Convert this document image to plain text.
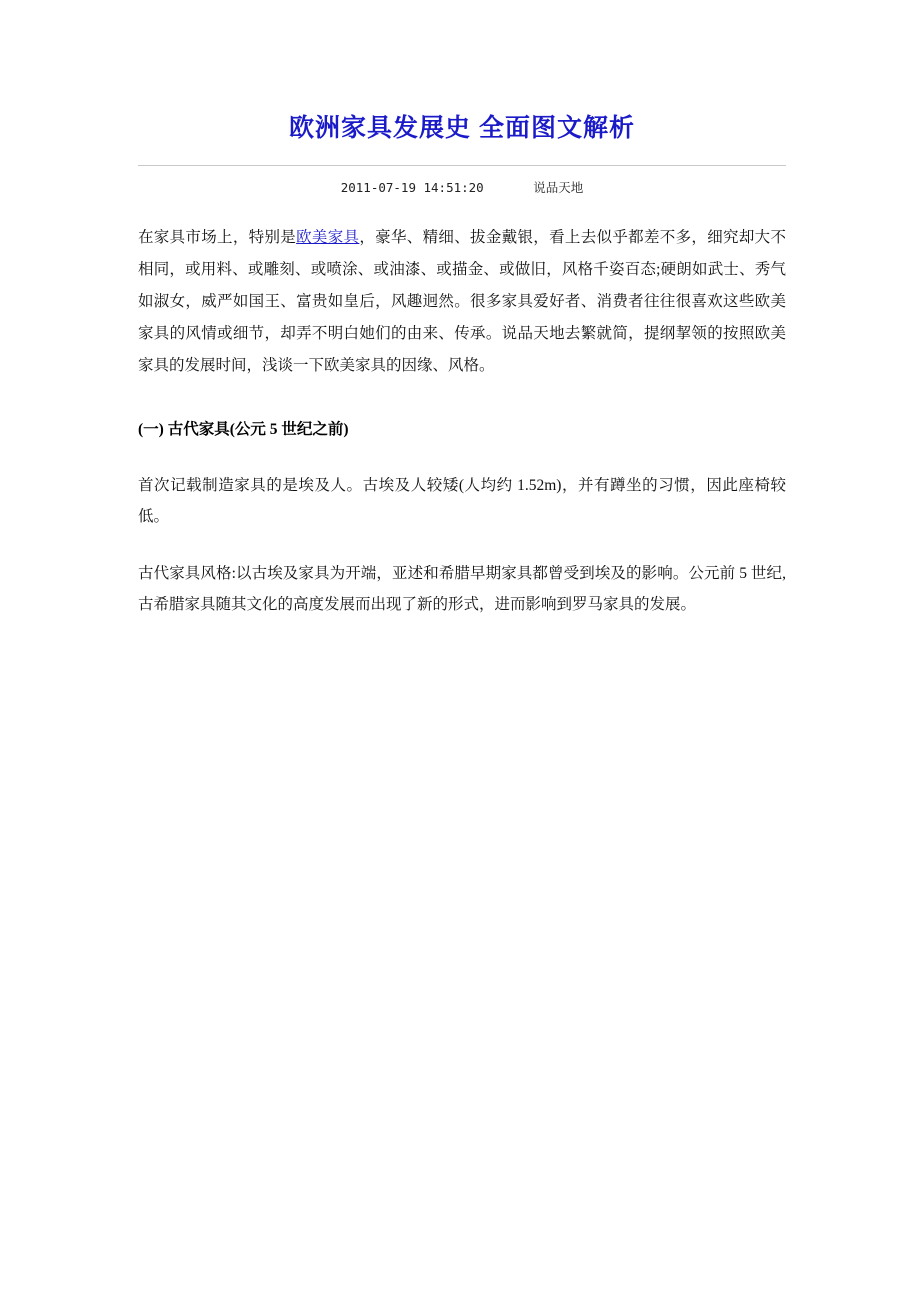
欧洲家具发展史 全面图文解析
2011-07-19 14:51:20	说品天地

在家具市场上，特别是欧美家具，豪华、精细、拔金戴银，看上去似乎都差不多，细究却大不相同，或用料、或雕刻、或喷涂、或油漆、或描金、或做旧，风格千姿百态;硬朗如武士、秀气如淑女，威严如国王、富贵如皇后，风趣迥然。很多家具爱好者、消费者往往很喜欢这些欧美家具的风情或细节，却弄不明白她们的由来、传承。说品天地去繁就简，提纲挈领的按照欧美家具的发展时间，浅谈一下欧美家具的因缘、风格。

(一) 古代家具(公元 5 世纪之前)

首次记载制造家具的是埃及人。古埃及人较矮(人均约 1.52m)，并有蹲坐的习惯，因此座椅较低。

古代家具风格:以古埃及家具为开端，亚述和希腊早期家具都曾受到埃及的影响。公元前 5 世纪,古希腊家具随其文化的高度发展而出现了新的形式，进而影响到罗马家具的发展。
